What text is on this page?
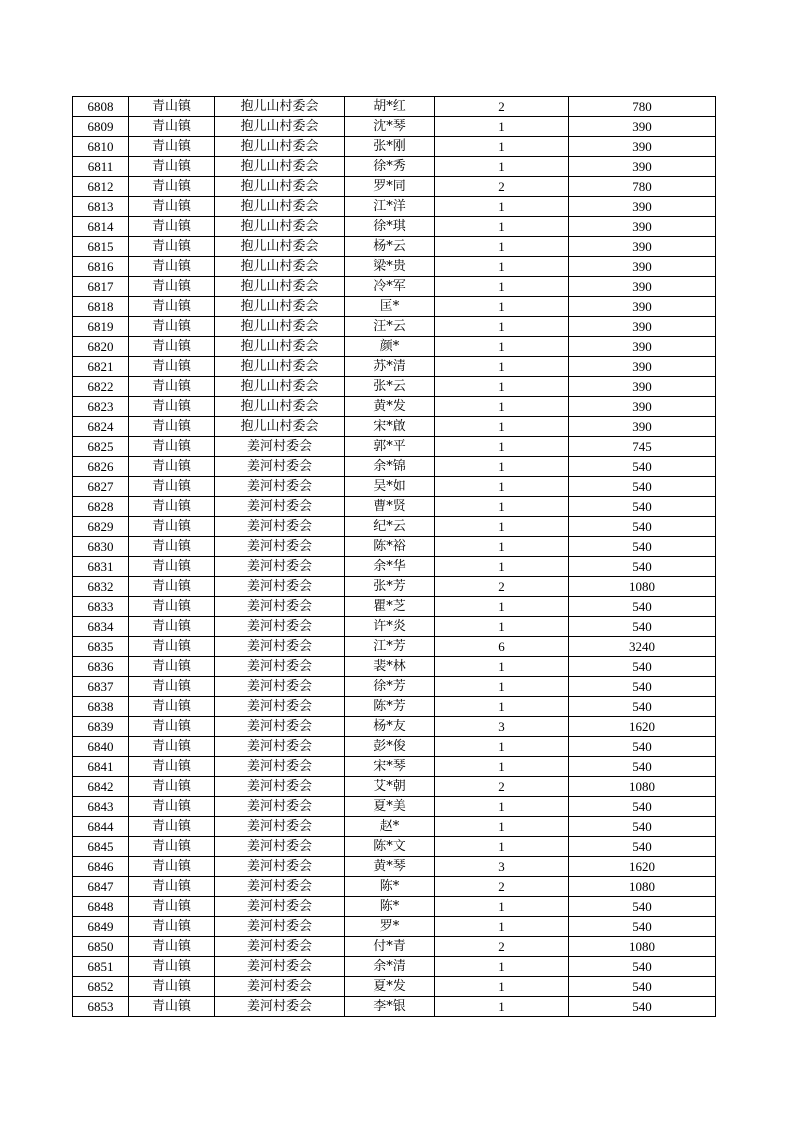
6808	青山镇	抱儿山村委会	胡*红	2	780
6809	青山镇	抱儿山村委会	沈*琴	1	390
6810	青山镇	抱儿山村委会	张*刚	1	390
6811	青山镇	抱儿山村委会	徐*秀	1	390
6812	青山镇	抱儿山村委会	罗*同	2	780
6813	青山镇	抱儿山村委会	江*洋	1	390
6814	青山镇	抱儿山村委会	徐*琪	1	390
6815	青山镇	抱儿山村委会	杨*云	1	390
6816	青山镇	抱儿山村委会	梁*贵	1	390
6817	青山镇	抱儿山村委会	冷*军	1	390
6818	青山镇	抱儿山村委会	匡*	1	390
6819	青山镇	抱儿山村委会	汪*云	1	390
6820	青山镇	抱儿山村委会	颜*	1	390
6821	青山镇	抱儿山村委会	苏*清	1	390
6822	青山镇	抱儿山村委会	张*云	1	390
6823	青山镇	抱儿山村委会	黄*发	1	390
6824	青山镇	抱儿山村委会	宋*啟	1	390
6825	青山镇	姜河村委会	郭*平	1	745
6826	青山镇	姜河村委会	余*锦	1	540
6827	青山镇	姜河村委会	吴*如	1	540
6828	青山镇	姜河村委会	曹*贤	1	540
6829	青山镇	姜河村委会	纪*云	1	540
6830	青山镇	姜河村委会	陈*裕	1	540
6831	青山镇	姜河村委会	余*华	1	540
6832	青山镇	姜河村委会	张*芳	2	1080
6833	青山镇	姜河村委会	瞿*芝	1	540
6834	青山镇	姜河村委会	许*炎	1	540
6835	青山镇	姜河村委会	江*芳	6	3240
6836	青山镇	姜河村委会	裴*林	1	540
6837	青山镇	姜河村委会	徐*芳	1	540
6838	青山镇	姜河村委会	陈*芳	1	540
6839	青山镇	姜河村委会	杨*友	3	1620
6840	青山镇	姜河村委会	彭*俊	1	540
6841	青山镇	姜河村委会	宋*琴	1	540
6842	青山镇	姜河村委会	艾*朝	2	1080
6843	青山镇	姜河村委会	夏*美	1	540
6844	青山镇	姜河村委会	赵*	1	540
6845	青山镇	姜河村委会	陈*文	1	540
6846	青山镇	姜河村委会	黄*琴	3	1620
6847	青山镇	姜河村委会	陈*	2	1080
6848	青山镇	姜河村委会	陈*	1	540
6849	青山镇	姜河村委会	罗*	1	540
6850	青山镇	姜河村委会	付*青	2	1080
6851	青山镇	姜河村委会	余*清	1	540
6852	青山镇	姜河村委会	夏*发	1	540
6853	青山镇	姜河村委会	李*银	1	540
